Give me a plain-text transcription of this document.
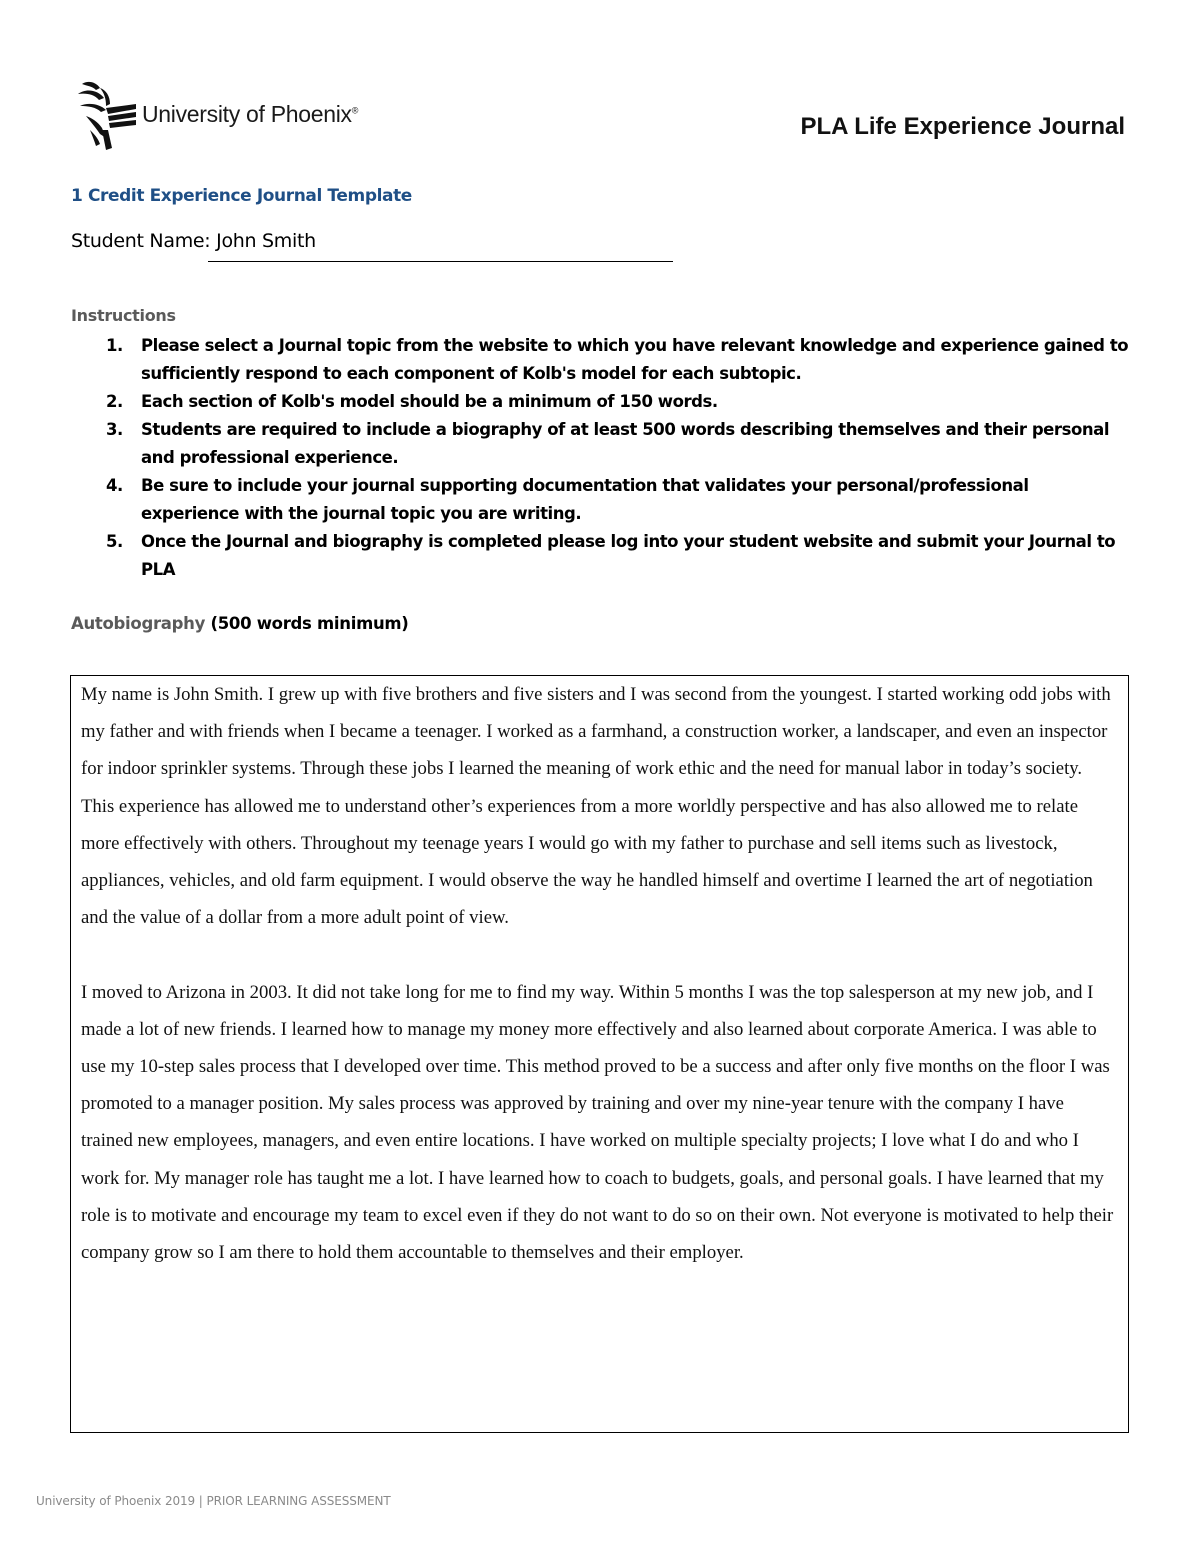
University of Phoenix®
PLA Life Experience Journal
1 Credit Experience Journal Template
Student Name: John Smith
Instructions
1. Please select a Journal topic from the website to which you have relevant knowledge and experience gained to sufficiently respond to each component of Kolb's model for each subtopic.
2. Each section of Kolb's model should be a minimum of 150 words.
3. Students are required to include a biography of at least 500 words describing themselves and their personal and professional experience.
4. Be sure to include your journal supporting documentation that validates your personal/professional experience with the journal topic you are writing.
5. Once the Journal and biography is completed please log into your student website and submit your Journal to PLA
Autobiography (500 words minimum)

My name is John Smith. I grew up with five brothers and five sisters and I was second from the youngest. I started working odd jobs with my father and with friends when I became a teenager. I worked as a farmhand, a construction worker, a landscaper, and even an inspector for indoor sprinkler systems. Through these jobs I learned the meaning of work ethic and the need for manual labor in today’s society. This experience has allowed me to understand other’s experiences from a more worldly perspective and has also allowed me to relate more effectively with others. Throughout my teenage years I would go with my father to purchase and sell items such as livestock, appliances, vehicles, and old farm equipment. I would observe the way he handled himself and overtime I learned the art of negotiation and the value of a dollar from a more adult point of view.

I moved to Arizona in 2003. It did not take long for me to find my way. Within 5 months I was the top salesperson at my new job, and I made a lot of new friends. I learned how to manage my money more effectively and also learned about corporate America. I was able to use my 10-step sales process that I developed over time. This method proved to be a success and after only five months on the floor I was promoted to a manager position. My sales process was approved by training and over my nine-year tenure with the company I have trained new employees, managers, and even entire locations. I have worked on multiple specialty projects; I love what I do and who I work for. My manager role has taught me a lot. I have learned how to coach to budgets, goals, and personal goals. I have learned that my role is to motivate and encourage my team to excel even if they do not want to do so on their own. Not everyone is motivated to help their company grow so I am there to hold them accountable to themselves and their employer.

University of Phoenix 2019 | PRIOR LEARNING ASSESSMENT
